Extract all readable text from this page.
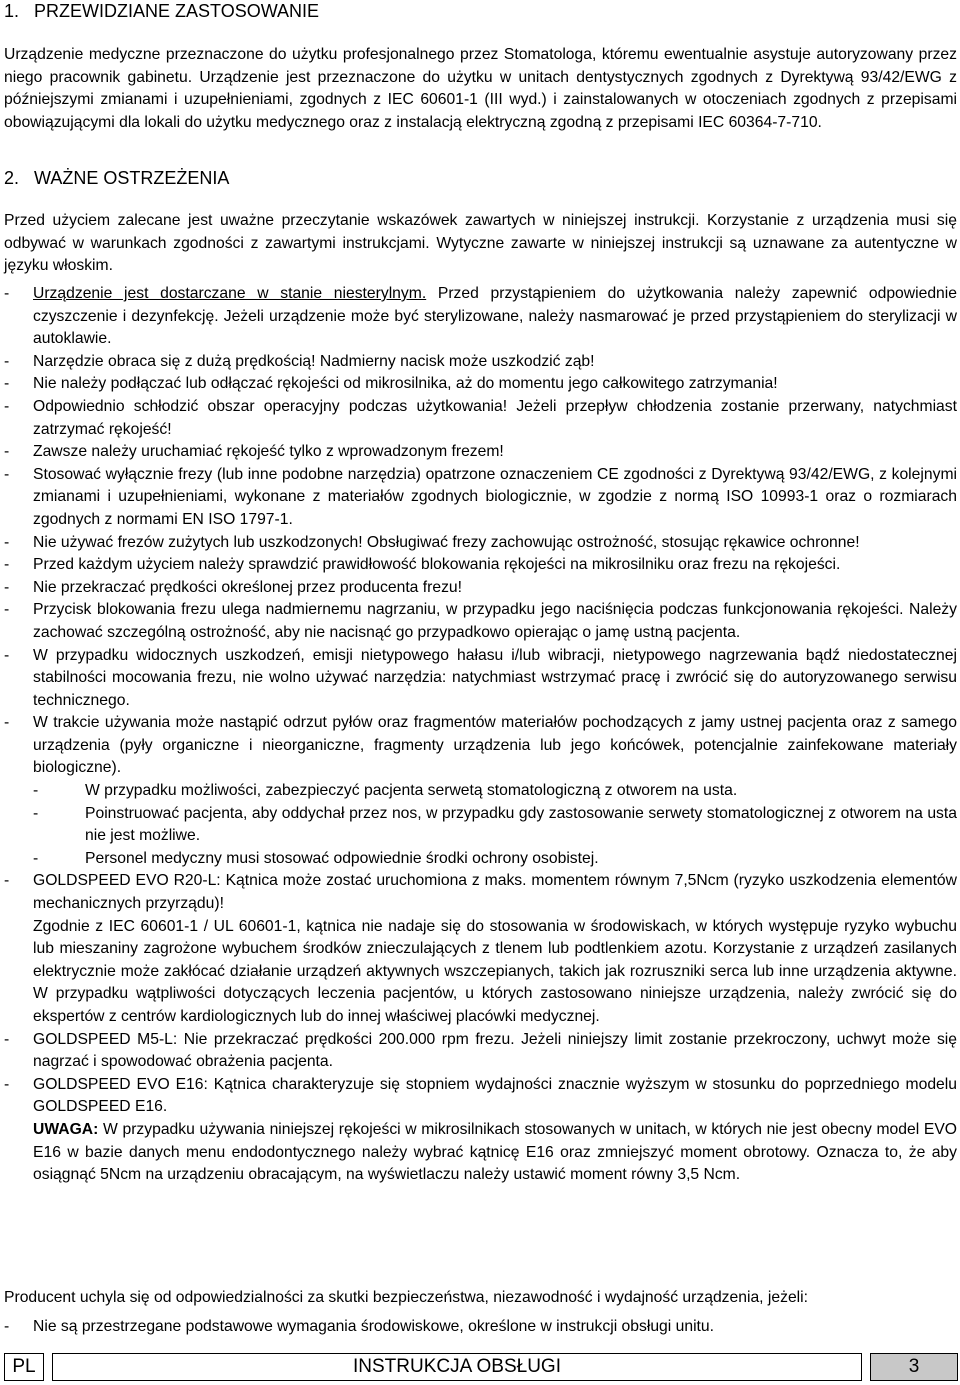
1.   PRZEWIDZIANE ZASTOSOWANIE

Urządzenie medyczne przeznaczone do użytku profesjonalnego przez Stomatologa, któremu ewentualnie asystuje autoryzowany przez niego pracownik gabinetu. Urządzenie jest przeznaczone do użytku w unitach dentystycznych zgodnych z Dyrektywą 93/42/EWG z późniejszymi zmianami i uzupełnieniami, zgodnych z IEC 60601-1 (III wyd.) i zainstalowanych w otoczeniach zgodnych z przepisami obowiązującymi dla lokali do użytku medycznego oraz z instalacją elektryczną zgodną z przepisami IEC 60364-7-710.

2.   WAŻNE OSTRZEŻENIA

Przed użyciem zalecane jest uważne przeczytanie wskazówek zawartych w niniejszej instrukcji. Korzystanie z urządzenia musi się odbywać w warunkach zgodności z zawartymi instrukcjami. Wytyczne zawarte w niniejszej instrukcji są uznawane za autentyczne w języku włoskim.

- Urządzenie jest dostarczane w stanie niesterylnym. Przed przystąpieniem do użytkowania należy zapewnić odpowiednie czyszczenie i dezynfekcję. Jeżeli urządzenie może być sterylizowane, należy nasmarować je przed przystąpieniem do sterylizacji w autoklawie.
- Narzędzie obraca się z dużą prędkością! Nadmierny nacisk może uszkodzić ząb!
- Nie należy podłączać lub odłączać rękojeści od mikrosilnika, aż do momentu jego całkowitego zatrzymania!
- Odpowiednio schłodzić obszar operacyjny podczas użytkowania! Jeżeli przepływ chłodzenia zostanie przerwany, natychmiast zatrzymać rękojeść!
- Zawsze należy uruchamiać rękojeść tylko z wprowadzonym frezem!
- Stosować wyłącznie frezy (lub inne podobne narzędzia) opatrzone oznaczeniem CE zgodności z Dyrektywą 93/42/EWG, z kolejnymi zmianami i uzupełnieniami, wykonane z materiałów zgodnych biologicznie, w zgodzie z normą ISO 10993-1 oraz o rozmiarach zgodnych z normami EN ISO 1797-1.
- Nie używać frezów zużytych lub uszkodzonych! Obsługiwać frezy zachowując ostrożność, stosując rękawice ochronne!
- Przed każdym użyciem należy sprawdzić prawidłowość blokowania rękojeści na mikrosilniku oraz frezu na rękojeści.
- Nie przekraczać prędkości określonej przez producenta frezu!
- Przycisk blokowania frezu ulega nadmiernemu nagrzaniu, w przypadku jego naciśnięcia podczas funkcjonowania rękojeści. Należy zachować szczególną ostrożność, aby nie nacisnąć go przypadkowo opierając o jamę ustną pacjenta.
- W przypadku widocznych uszkodzeń, emisji nietypowego hałasu i/lub wibracji, nietypowego nagrzewania bądź niedostatecznej stabilności mocowania frezu, nie wolno używać narzędzia: natychmiast wstrzymać pracę i zwrócić się do autoryzowanego serwisu technicznego.
- W trakcie używania może nastąpić odrzut pyłów oraz fragmentów materiałów pochodzących z jamy ustnej pacjenta oraz z samego urządzenia (pyły organiczne i nieorganiczne, fragmenty urządzenia lub jego końcówek, potencjalnie zainfekowane materiały biologiczne).
-	W przypadku możliwości, zabezpieczyć pacjenta serwetą stomatologiczną z otworem na usta.
-	Poinstruować pacjenta, aby oddychał przez nos, w przypadku gdy zastosowanie serwety stomatologicznej z otworem na usta nie jest możliwe.
-	Personel medyczny musi stosować odpowiednie środki ochrony osobistej.
- GOLDSPEED EVO R20-L: Kątnica może zostać uruchomiona z maks. momentem równym 7,5Ncm (ryzyko uszkodzenia elementów mechanicznych przyrządu)!
Zgodnie z IEC 60601-1 / UL 60601-1, kątnica nie nadaje się do stosowania w środowiskach, w których występuje ryzyko wybuchu lub mieszaniny zagrożone wybuchem środków znieczulających z tlenem lub podtlenkiem azotu. Korzystanie z urządzeń zasilanych elektrycznie może zakłócać działanie urządzeń aktywnych wszczepianych, takich jak rozruszniki serca lub inne urządzenia aktywne. W przypadku wątpliwości dotyczących leczenia pacjentów, u których zastosowano niniejsze urządzenia, należy zwrócić się do ekspertów z centrów kardiologicznych lub do innej właściwej placówki medycznej.
- GOLDSPEED M5-L: Nie przekraczać prędkości 200.000 rpm frezu. Jeżeli niniejszy limit zostanie przekroczony, uchwyt może się nagrzać i spowodować obrażenia pacjenta.
- GOLDSPEED EVO E16: Kątnica charakteryzuje się stopniem wydajności znacznie wyższym w stosunku do poprzedniego modelu GOLDSPEED E16.
UWAGA: W przypadku używania niniejszej rękojeści w mikrosilnikach stosowanych w unitach, w których nie jest obecny model EVO E16 w bazie danych menu endodontycznego należy wybrać kątnicę E16 oraz zmniejszyć moment obrotowy. Oznacza to, że aby osiągnąć 5Ncm na urządzeniu obracającym, na wyświetlaczu należy ustawić moment równy 3,5 Ncm.

Producent uchyla się od odpowiedzialności za skutki bezpieczeństwa, niezawodność i wydajność urządzenia, jeżeli:

- Nie są przestrzegane podstawowe wymagania środowiskowe, określone w instrukcji obsługi unitu.
PL	INSTRUKCJA OBSŁUGI	3
